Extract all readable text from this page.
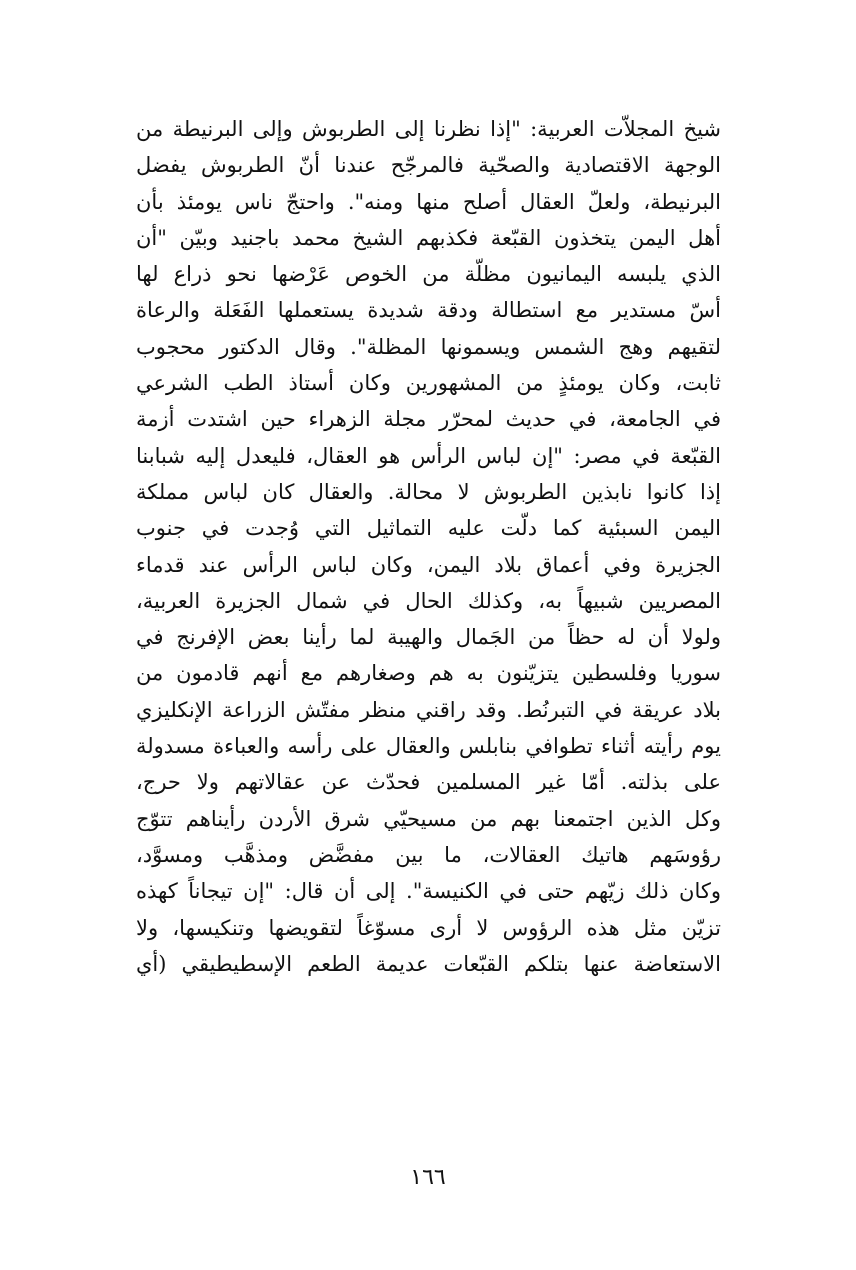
شيخ المجلاّت العربية: "إذا نظرنا إلى الطربوش وإلى البرنيطة من
الوجهة الاقتصادية والصحّية فالمرجّح عندنا أنّ الطربوش يفضل
البرنيطة، ولعلّ العقال أصلح منها ومنه". واحتجّ ناس يومئذ بأن
أهل اليمن يتخذون القبّعة فكذبهم الشيخ محمد باجنيد وبيّن "أن
الذي يلبسه اليمانيون مظلّة من الخوص عَرْضها نحو ذراع لها
أسّ مستدير مع استطالة ودقة شديدة يستعملها الفَعَلة والرعاة
لتقيهم وهج الشمس ويسمونها المظلة". وقال الدكتور محجوب
ثابت، وكان يومئذٍ من المشهورين وكان أستاذ الطب الشرعي
في الجامعة، في حديث لمحرّر مجلة الزهراء حين اشتدت أزمة
القبّعة في مصر: "إن لباس الرأس هو العقال، فليعدل إليه شبابنا
إذا كانوا نابذين الطربوش لا محالة. والعقال كان لباس مملكة
اليمن السبئية كما دلّت عليه التماثيل التي وُجدت في جنوب
الجزيرة وفي أعماق بلاد اليمن، وكان لباس الرأس عند قدماء
المصريين شبيهاً به، وكذلك الحال في شمال الجزيرة العربية،
ولولا أن له حظاً من الجَمال والهيبة لما رأينا بعض الإفرنج في
سوريا وفلسطين يتزيّنون به هم وصغارهم مع أنهم قادمون من
بلاد عريقة في التبرنُط. وقد راقني منظر مفتّش الزراعة الإنكليزي
يوم رأيته أثناء تطوافي بنابلس والعقال على رأسه والعباءة مسدولة
على بذلته. أمّا غير المسلمين فحدّث عن عقالاتهم ولا حرج،
وكل الذين اجتمعنا بهم من مسيحيّي شرق الأردن رأيناهم تتوّج
رؤوسَهم هاتيك العقالات، ما بين مفضَّض ومذهَّب ومسوَّد،
وكان ذلك زيّهم حتى في الكنيسة". إلى أن قال: "إن تيجاناً كهذه
تزيّن مثل هذه الرؤوس لا أرى مسوّغاً لتقويضها وتنكيسها، ولا
الاستعاضة عنها بتلكم القبّعات عديمة الطعم الإسطيطيقي (أي
١٦٦
